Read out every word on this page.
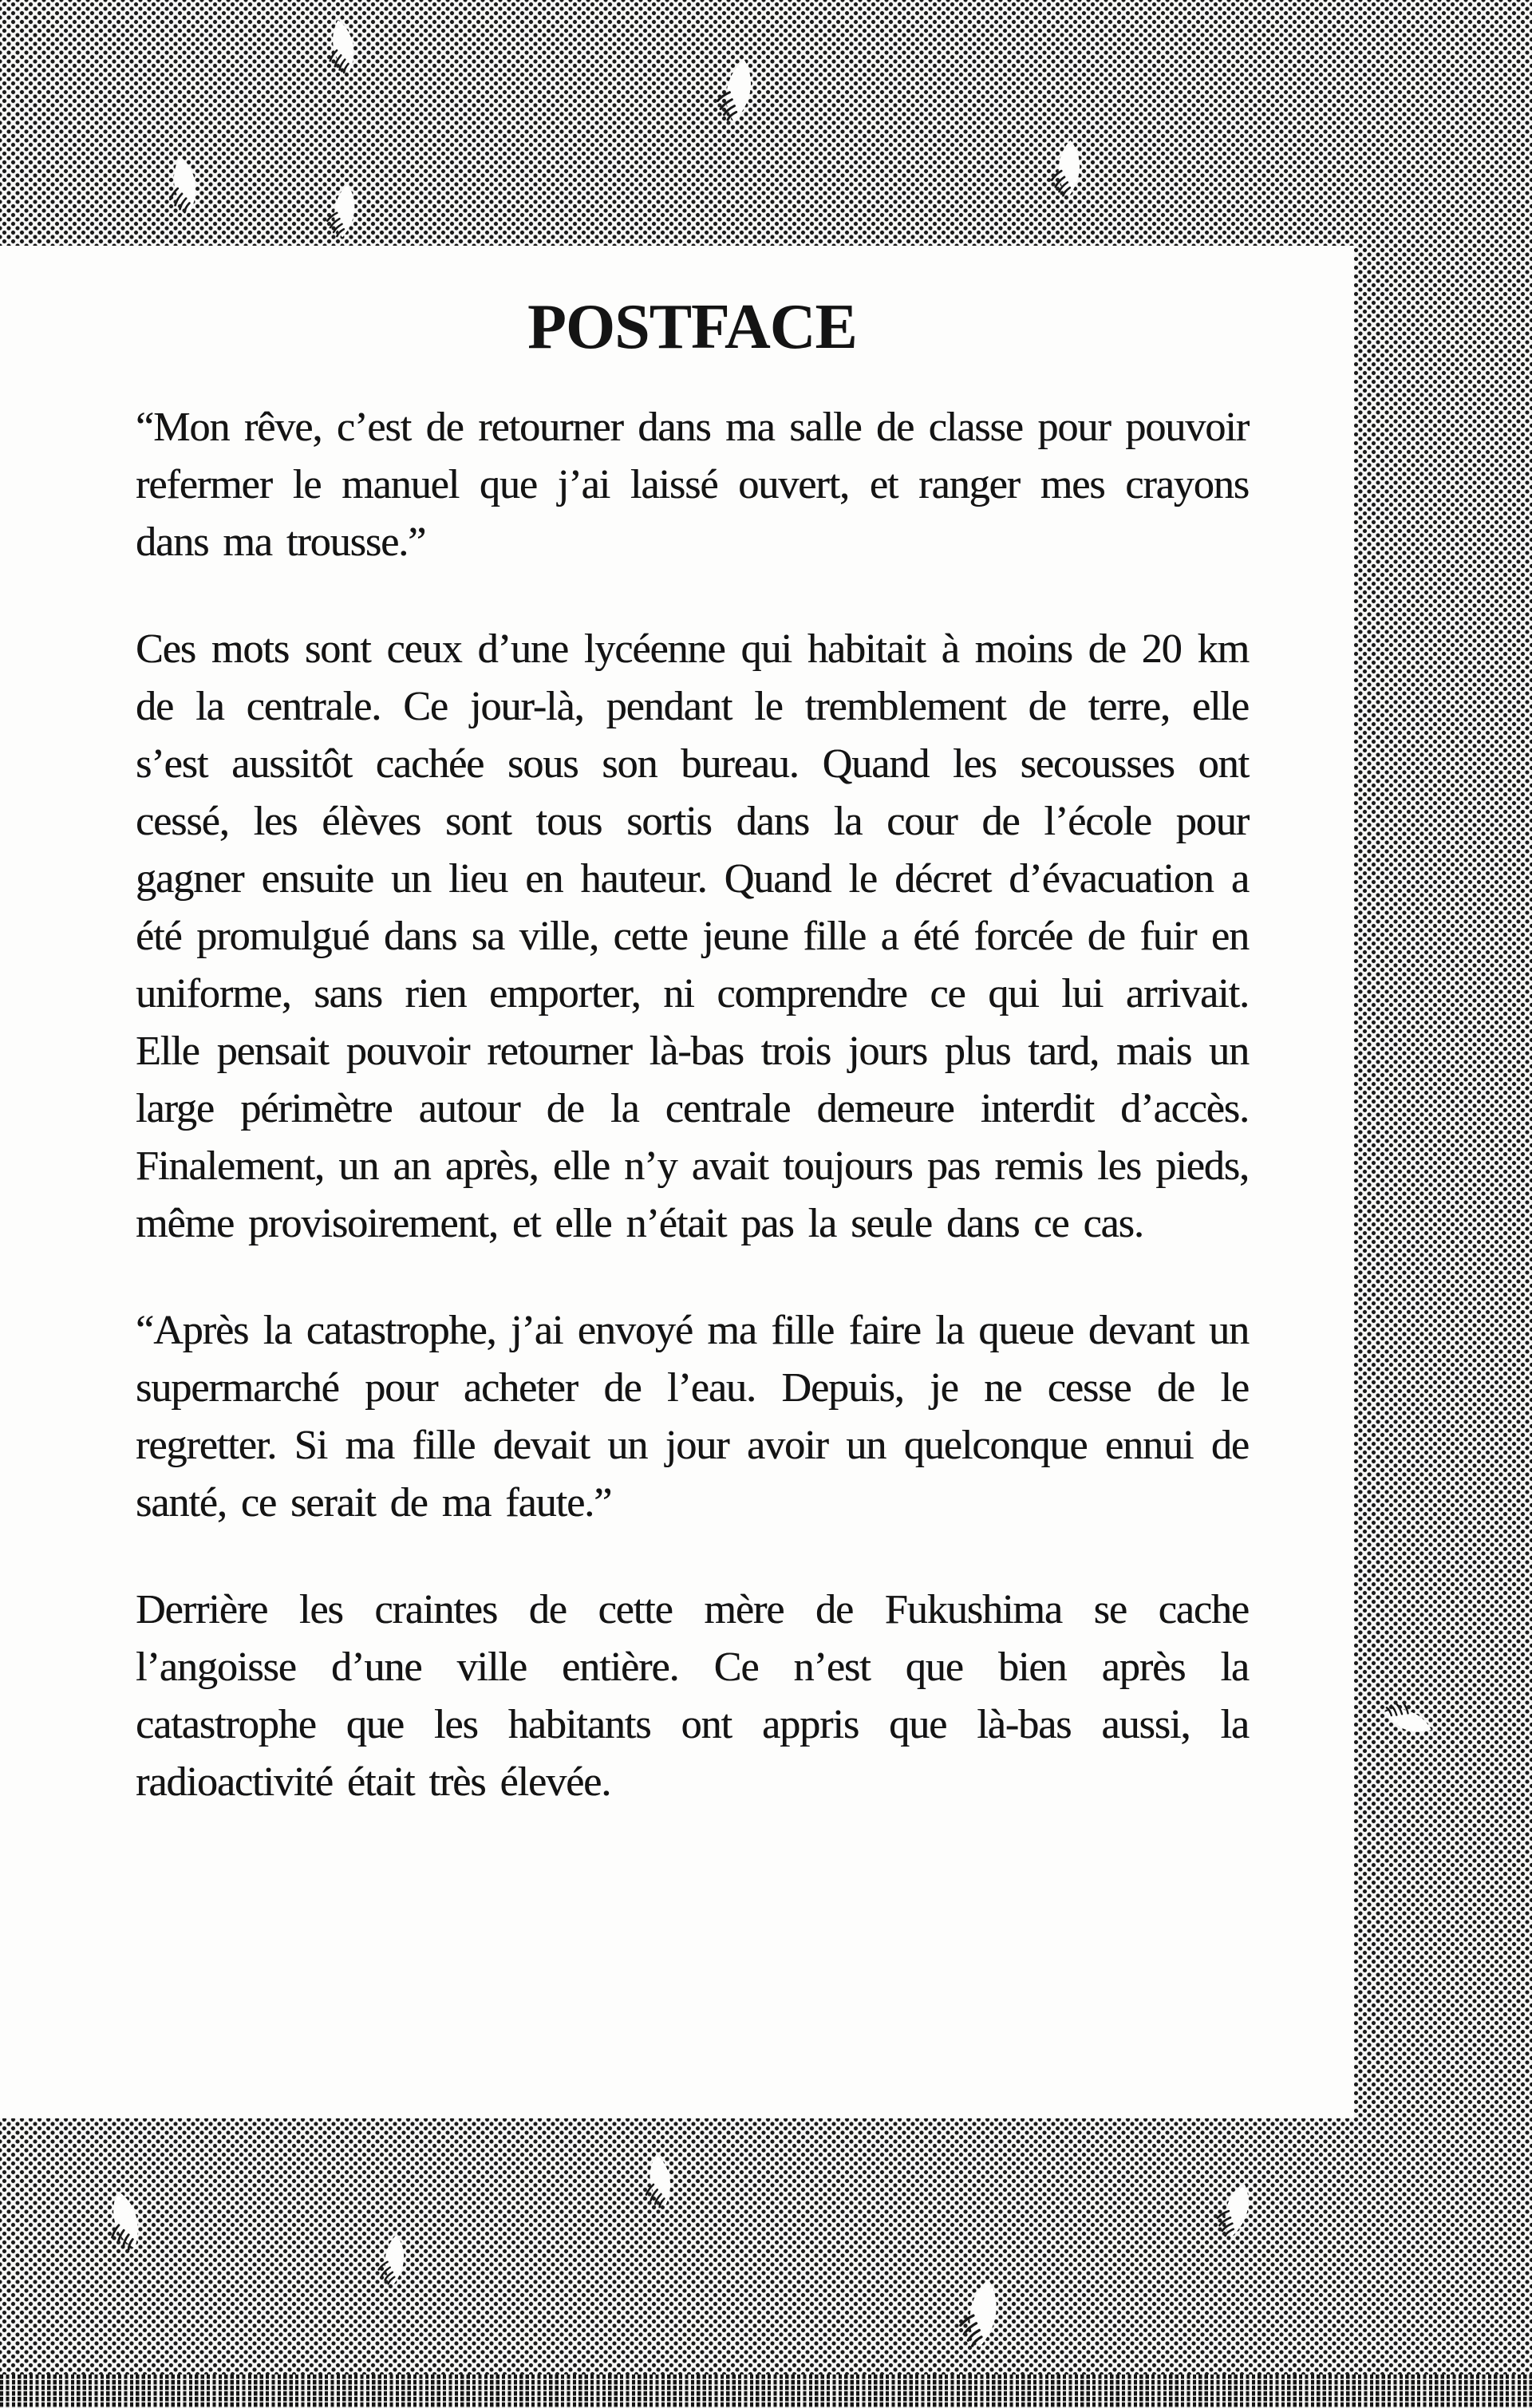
POSTFACE

“Mon rêve, c’est de retourner dans ma salle de classe pour pouvoir refermer le manuel que j’ai laissé ouvert, et ranger mes crayons dans ma trousse.”

Ces mots sont ceux d’une lycéenne qui habitait à moins de 20 km de la centrale. Ce jour-là, pendant le tremblement de terre, elle s’est aussitôt cachée sous son bureau. Quand les secousses ont cessé, les élèves sont tous sortis dans la cour de l’école pour gagner ensuite un lieu en hauteur. Quand le décret d’évacuation a été promulgué dans sa ville, cette jeune fille a été forcée de fuir en uniforme, sans rien emporter, ni comprendre ce qui lui arrivait. Elle pensait pouvoir retourner là-bas trois jours plus tard, mais un large périmètre autour de la centrale demeure interdit d’accès. Finalement, un an après, elle n’y avait toujours pas remis les pieds, même provisoirement, et elle n’était pas la seule dans ce cas.

“Après la catastrophe, j’ai envoyé ma fille faire la queue devant un supermarché pour acheter de l’eau. Depuis, je ne cesse de le regretter. Si ma fille devait un jour avoir un quelconque ennui de santé, ce serait de ma faute.”

Derrière les craintes de cette mère de Fukushima se cache l’angoisse d’une ville entière. Ce n’est que bien après la catastrophe que les habitants ont appris que là-bas aussi, la radioactivité était très élevée.
